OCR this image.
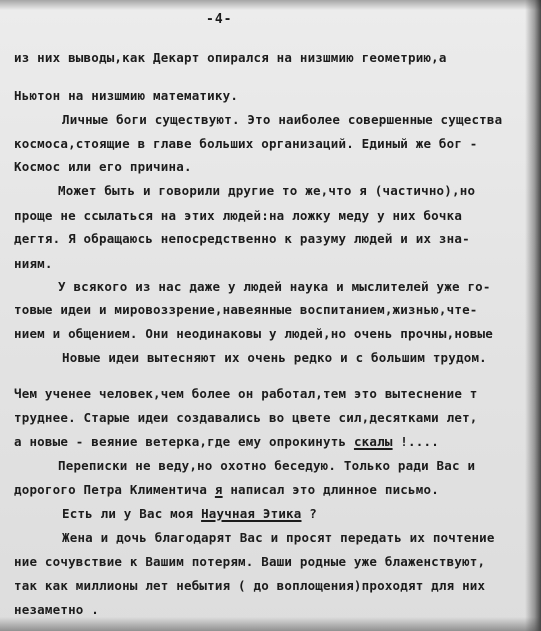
-4-
из них выводы,как Декарт опирался на низшмию геометрию,а
Ньютон на низшмию математику.
Личные боги существуют. Это наиболее совершенные существа
космоса,стоящие в главе больших организаций. Единый же бог -
Космос или его причина.
Может быть и говорили другие то же,что я (частично),но
проще не ссылаться на этих людей:на ложку меду у них бочка
дегтя. Я обращаюсь непосредственно к разуму людей и их зна-
ниям.
У всякого из нас даже у людей наука и мыслителей уже го-
товые идеи и мировоззрение,навеянные воспитанием,жизнью,чте-
нием и общением. Они неодинаковы у людей,но очень прочны,новые
Новые идеи вытесняют их очень редко и с большим трудом.
Чем ученее человек,чем более он работал,тем это вытеснение т
труднее. Старые идеи создавались во цвете сил,десятками лет,
а новые - веяние ветерка,где ему опрокинуть скалы !....
Переписки не веду,но охотно беседую. Только ради Вас и
дорогого Петра Климентича я написал это длинное письмо.
Есть ли у Вас моя Научная Этика ?
Жена и дочь благодарят Вас и просят передать их почтение
ние сочувствие к Вашим потерям. Ваши родные уже блаженствуют,
так как миллионы лет небытия ( до воплощения)проходят для них
незаметно .
